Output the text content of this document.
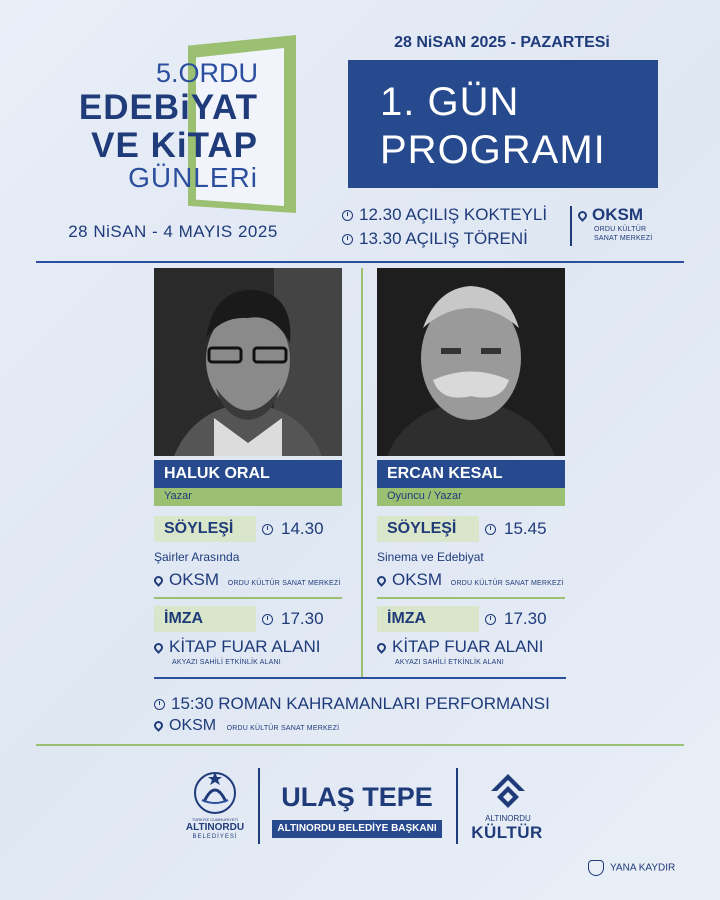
5.ORDU
EDEBiYAT
VE KiTAP
GÜNLERi
28 NiSAN - 4 MAYIS 2025
28 NiSAN 2025 - PAZARTESi
1. GÜN
PROGRAMI
12.30 AÇILIŞ KOKTEYLİ
13.30 AÇILIŞ TÖRENİ
OKSM
ORDU KÜLTÜR
SANAT MERKEZİ
HALUK ORAL
Yazar
SÖYLEŞİ	14.30
Şairler Arasında
OKSM ORDU KÜLTÜR SANAT MERKEZİ
İMZA	17.30
KİTAP FUAR ALANI
AKYAZI SAHİLİ ETKİNLİK ALANI
ERCAN KESAL
Oyuncu / Yazar
SÖYLEŞİ	15.45
Sinema ve Edebiyat
OKSM ORDU KÜLTÜR SANAT MERKEZİ
İMZA	17.30
KİTAP FUAR ALANI
AKYAZI SAHİLİ ETKİNLİK ALANI
15:30 ROMAN KAHRAMANLARI PERFORMANSI
OKSM ORDU KÜLTÜR SANAT MERKEZİ
TÜRKİYE CUMHURİYETİ
ALTINORDU
BELEDİYESİ
ULAŞ TEPE
ALTINORDU BELEDİYE BAŞKANI
ALTINORDU
KÜLTÜR
YANA KAYDIR
